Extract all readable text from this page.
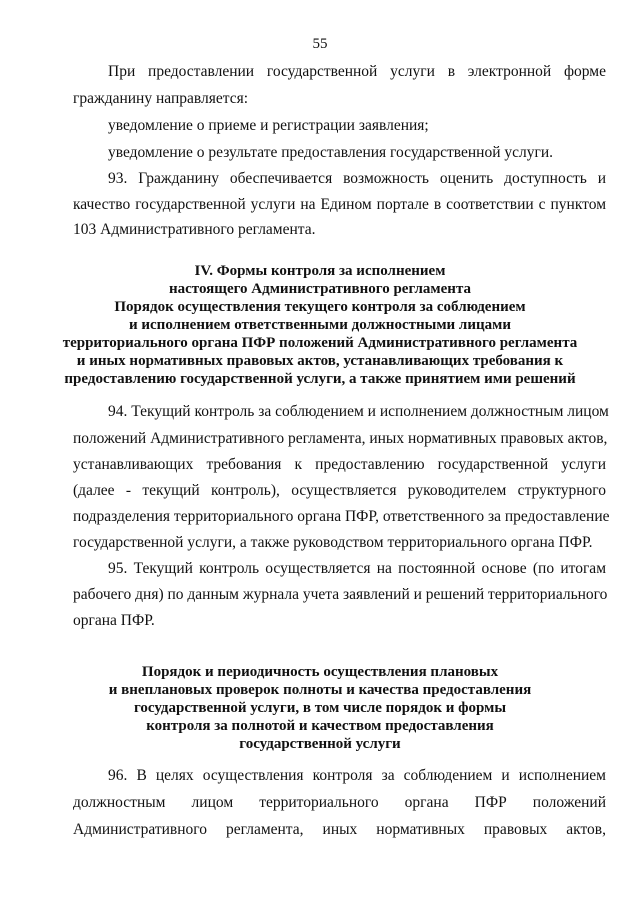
55
При предоставлении государственной услуги в электронной форме
гражданину направляется:
уведомление о приеме и регистрации заявления;
уведомление о результате предоставления государственной услуги.
93. Гражданину обеспечивается возможность оценить доступность и
качество государственной услуги на Едином портале в соответствии с пунктом
103 Административного регламента.
IV. Формы контроля за исполнением
настоящего Административного регламента
Порядок осуществления текущего контроля за соблюдением
и исполнением ответственными должностными лицами
территориального органа ПФР положений Административного регламента
и иных нормативных правовых актов, устанавливающих требования к
предоставлению государственной услуги, а также принятием ими решений
94. Текущий контроль за соблюдением и исполнением должностным лицом
положений Административного регламента, иных нормативных правовых актов,
устанавливающих требования к предоставлению государственной услуги
(далее - текущий контроль), осуществляется руководителем структурного
подразделения территориального органа ПФР, ответственного за предоставление
государственной услуги, а также руководством территориального органа ПФР.
95. Текущий контроль осуществляется на постоянной основе (по итогам
рабочего дня) по данным журнала учета заявлений и решений территориального
органа ПФР.
Порядок и периодичность осуществления плановых
и внеплановых проверок полноты и качества предоставления
государственной услуги, в том числе порядок и формы
контроля за полнотой и качеством предоставления
государственной услуги
96. В целях осуществления контроля за соблюдением и исполнением
должностным лицом территориального органа ПФР положений
Административного регламента, иных нормативных правовых актов,
